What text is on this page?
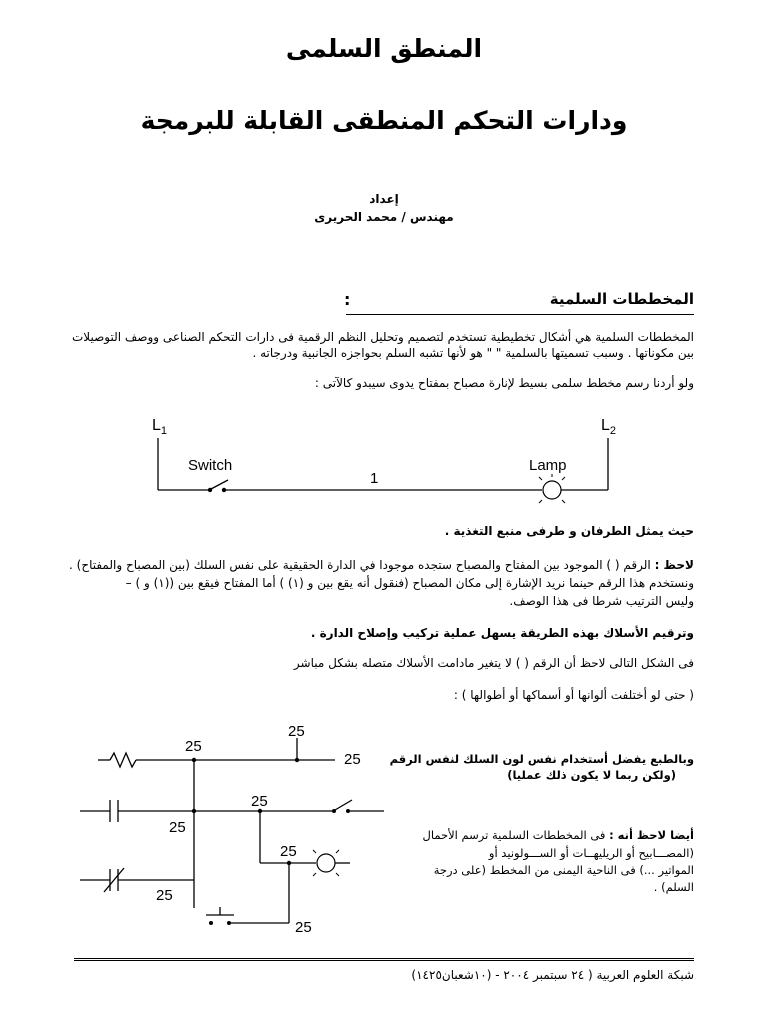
المنطق السلمى
ودارات التحكم المنطقى القابلة للبرمجة
إعداد
مهندس / محمد الحريرى
المخططات السلمية
:
المخططات السلمية هي أشكال تخطيطية تستخدم لتصميم وتحليل النظم الرقمية فى دارات التحكم الصناعى ووصف التوصيلات
بين مكوناتها . وسبب تسميتها بالسلمية " " هو لأنها تشبه السلم بحواجزه الجانبية ودرجاته .
ولو أردنا رسم مخطط سلمى بسيط لإنارة مصباح بمفتاح يدوى سيبدو كالآتى :
$L_1$	$L_2$
Switch	Lamp
1
حيث يمثل الطرفان و طرفى منبع التغذية .
لاحظ : الرقم ( ) الموجود بين المفتاح والمصباح ستجده موجودا في الدارة الحقيقية على نفس السلك (بين المصباح والمفتاح) .
ونستخدم هذا الرقم حينما نريد الإشارة إلى مكان المصباح (فنقول أنه يقع بين و (١) ) أما المفتاح فيقع بين ((١) و ) –
وليس الترتيب شرطا فى هذا الوصف.
وترقيم الأسلاك بهذه الطريقة يسهل عملية تركيب وإصلاح الدارة .
فى الشكل التالى لاحظ أن الرقم ( ) لا يتغير مادامت الأسلاك متصله بشكل مباشر
( حتى لو أختلفت ألوانها أو أسماكها أو أطوالها ) :
25
25
25
25
25
25
25
25
وبالطبع يفضل أستخدام نفس لون السلك لنفس الرقم
(ولكن ربما لا يكون ذلك عمليا)
أيضا لاحظ أنه : فى المخططات السلمية ترسم الأحمال
(المصـــابيح أو الريليهــات أو الســـولونيد أو
المواتير ...) فى الناحية اليمنى من المخطط (على درجة
السلم) .
شبكة العلوم العربية ( ٢٤ سبتمبر ٢٠٠٤ - (١٠شعبان١٤٢٥)
